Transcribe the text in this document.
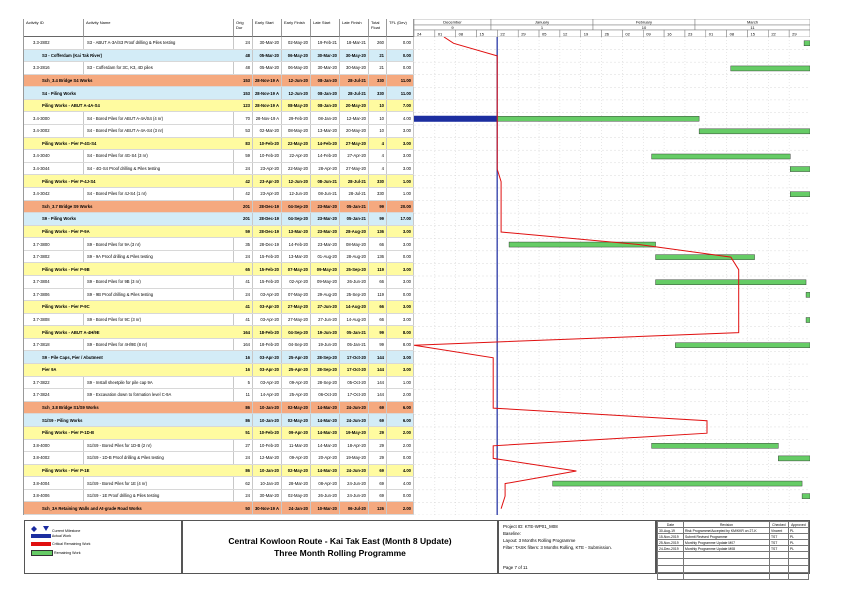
Activity ID	Activity Name	Orig Dur
Early Start	Early Finish	Late Start	Late Finish	Total Float
TFL (Dev)	December
9
January
1
February
10
March
11
24	01	08	15	22	29	05	12	19	26	02	09	16	23	01	08	15	22	29
3.3-2802	S3 - ABUT A-3A/S3 Proof drilling & Piles testing	24	30-Mar-20	02-May-20	19-Feb-21	18-Mar-21	260	0.00
S3 - Cofferdam (Kai Tak River)	48	05-Mar-20	06-May-20	30-Mar-20	30-May-20	21	0.00
3.3-2816	S3 - Cofferdam for 3C, K3, 4D piles	48	05-Mar-20	06-May-20	30-Mar-20	30-May-20	21	0.00
Sch_3.4 Bridge S4 Works	153	28-Nov-19 A	12-Jun-20	08-Jan-20	28-Jul-21	330	11.00
S4 - Piling Works	153	28-Nov-19 A	12-Jun-20	08-Jan-20	28-Jul-21	330	11.00
Piling Works - ABUT A-4A-S4	123	28-Nov-19 A	08-May-20	08-Jan-20	20-May-20	10	7.00
3.4-3000	S4 - Bored Piles for ABUT A-4A/S4 (4 nr)	70	28-Nov-19 A	29-Feb-20	08-Jan-20	12-Mar-20	10	4.00
3.4-3002	S4 - Bored Piles for ABUT A-4A-S4 (3 nr)	53	02-Mar-20	08-May-20	13-Mar-20	20-May-20	10	3.00
Piling Works - Pier P-4G-S4	83	10-Feb-20	22-May-20	14-Feb-20	27-May-20	4	3.00
3.4-3040	S4 - Bored Piles for 4G-S4 (3 nr)	59	10-Feb-20	22-Apr-20	14-Feb-20	27-Apr-20	4	3.00
3.4-3044	S4 - 4G-S4 Proof drilling & Piles testing	24	23-Apr-20	22-May-20	28-Apr-20	27-May-20	4	3.00
Piling Works - Pier P-4J-S4	42	23-Apr-20	12-Jun-20	08-Jun-21	28-Jul-21	330	1.00
3.4-3042	S4 - Bored Piles for 4J-S4 (1 nr)	42	23-Apr-20	12-Jun-20	08-Jun-21	28-Jul-21	330	1.00
Sch_3.7 Bridge S9 Works	201	28-Dec-19	04-Sep-20	23-Mar-20	05-Jan-21	99	20.00
S9 - Piling Works	201	28-Dec-19	04-Sep-20	23-Mar-20	05-Jan-21	99	17.00
Piling Works - Pier P-9A	59	28-Dec-19	13-Mar-20	23-Mar-20	28-Aug-20	136	3.00
3.7-3800	S9 - Bored Piles for 9A (3 nr)	35	28-Dec-19	14-Feb-20	23-Mar-20	08-May-20	66	3.00
3.7-3802	S9 - 9A Proof drilling & Piles testing	24	15-Feb-20	13-Mar-20	01-Aug-20	28-Aug-20	136	0.00
Piling Works - Pier P-9B	65	15-Feb-20	07-May-20	09-May-20	25-Sep-20	119	3.00
3.7-3804	S9 - Bored Piles for 9B (3 nr)	41	15-Feb-20	02-Apr-20	09-May-20	26-Jun-20	66	3.00
3.7-3806	S9 - 9B Proof drilling & Piles testing	24	03-Apr-20	07-May-20	29-Aug-20	25-Sep-20	119	0.00
Piling Works - Pier P-9C	41	03-Apr-20	27-May-20	27-Jun-20	14-Aug-20	66	3.00
3.7-3808	S9 - Bored Piles for 9C (3 nr)	41	03-Apr-20	27-May-20	27-Jun-20	14-Aug-20	66	3.00
Piling Works - ABUT A-4H/9E	164	18-Feb-20	04-Sep-20	19-Jun-20	05-Jan-21	99	8.00
3.7-3818	S9 - Bored Piles for 4H/9E (8 nr)	164	18-Feb-20	04-Sep-20	19-Jun-20	05-Jan-21	99	8.00
S9 - Pile Caps, Pier / Abutment	16	03-Apr-20	25-Apr-20	28-Sep-20	17-Oct-20	144	3.00
Pier 9A	16	03-Apr-20	25-Apr-20	28-Sep-20	17-Oct-20	144	3.00
3.7-3822	S9 - Install sheetpile for pile cap 9A	5	03-Apr-20	09-Apr-20	28-Sep-20	05-Oct-20	144	1.00
3.7-3824	S9 - Excavation down to formation level C-9A	11	14-Apr-20	25-Apr-20	06-Oct-20	17-Oct-20	144	2.00
Sch_3.8 Bridge S1/S9 Works	86	10-Jan-20	02-May-20	14-Mar-20	24-Jun-20	69	6.00
S1/S9 - Piling Works	86	10-Jan-20	02-May-20	14-Mar-20	24-Jun-20	69	6.00
Piling Works - Pier P-1D-B	51	10-Feb-20	09-Apr-20	14-Mar-20	19-May-20	29	2.00
3.8-4000	S1/S9 - Bored Piles for 1D-B (2 nr)	27	10-Feb-20	11-Mar-20	14-Mar-20	18-Apr-20	29	2.00
3.8-4002	S1/S9 - 1D-B Proof drilling & Piles testing	24	12-Mar-20	09-Apr-20	20-Apr-20	19-May-20	29	0.00
Piling Works - Pier P-1E	86	10-Jan-20	02-May-20	14-Mar-20	24-Jun-20	69	4.00
3.8-4004	S1/S9 - Bored Piles for 1E (4 nr)	62	10-Jan-20	28-Mar-20	08-Apr-20	24-Jun-20	69	4.00
3.8-4006	S1/S9 - 1E Proof drilling & Piles testing	24	30-Mar-20	02-May-20	26-Jun-20	24-Jun-20	69	0.00
Sch_3A Retaining Walls and At-grade Road Works	50	30-Nov-19 A	24-Jan-20	10-Mar-20	06-Jul-20	126	2.00
Current Milestone
Actual Work
Critical Remaining Work
Remaining Work
Central Kowloon Route - Kai Tak East (Month 8 Update)
Three Month Rolling Programme
Project ID: KTE-WP01_M08
Baseline:
Layout: 3 Months Rolling Programme
Filter: TASK filters: 3 Months Rolling, KTE - Submission.
Page 7 of 11
Date	Revision	Checked	Approved
30-Aug-19	Risk Programme/Accepted by KM/KKR on 27-K	Vincent	PL
15-Nov-2019	Submit Revised Programme	TST	PL
25-Nov-2019	Monthly Programme Update M07	TST	PL
24-Dec-2019	Monthly Programme Update M08	TST	PL
